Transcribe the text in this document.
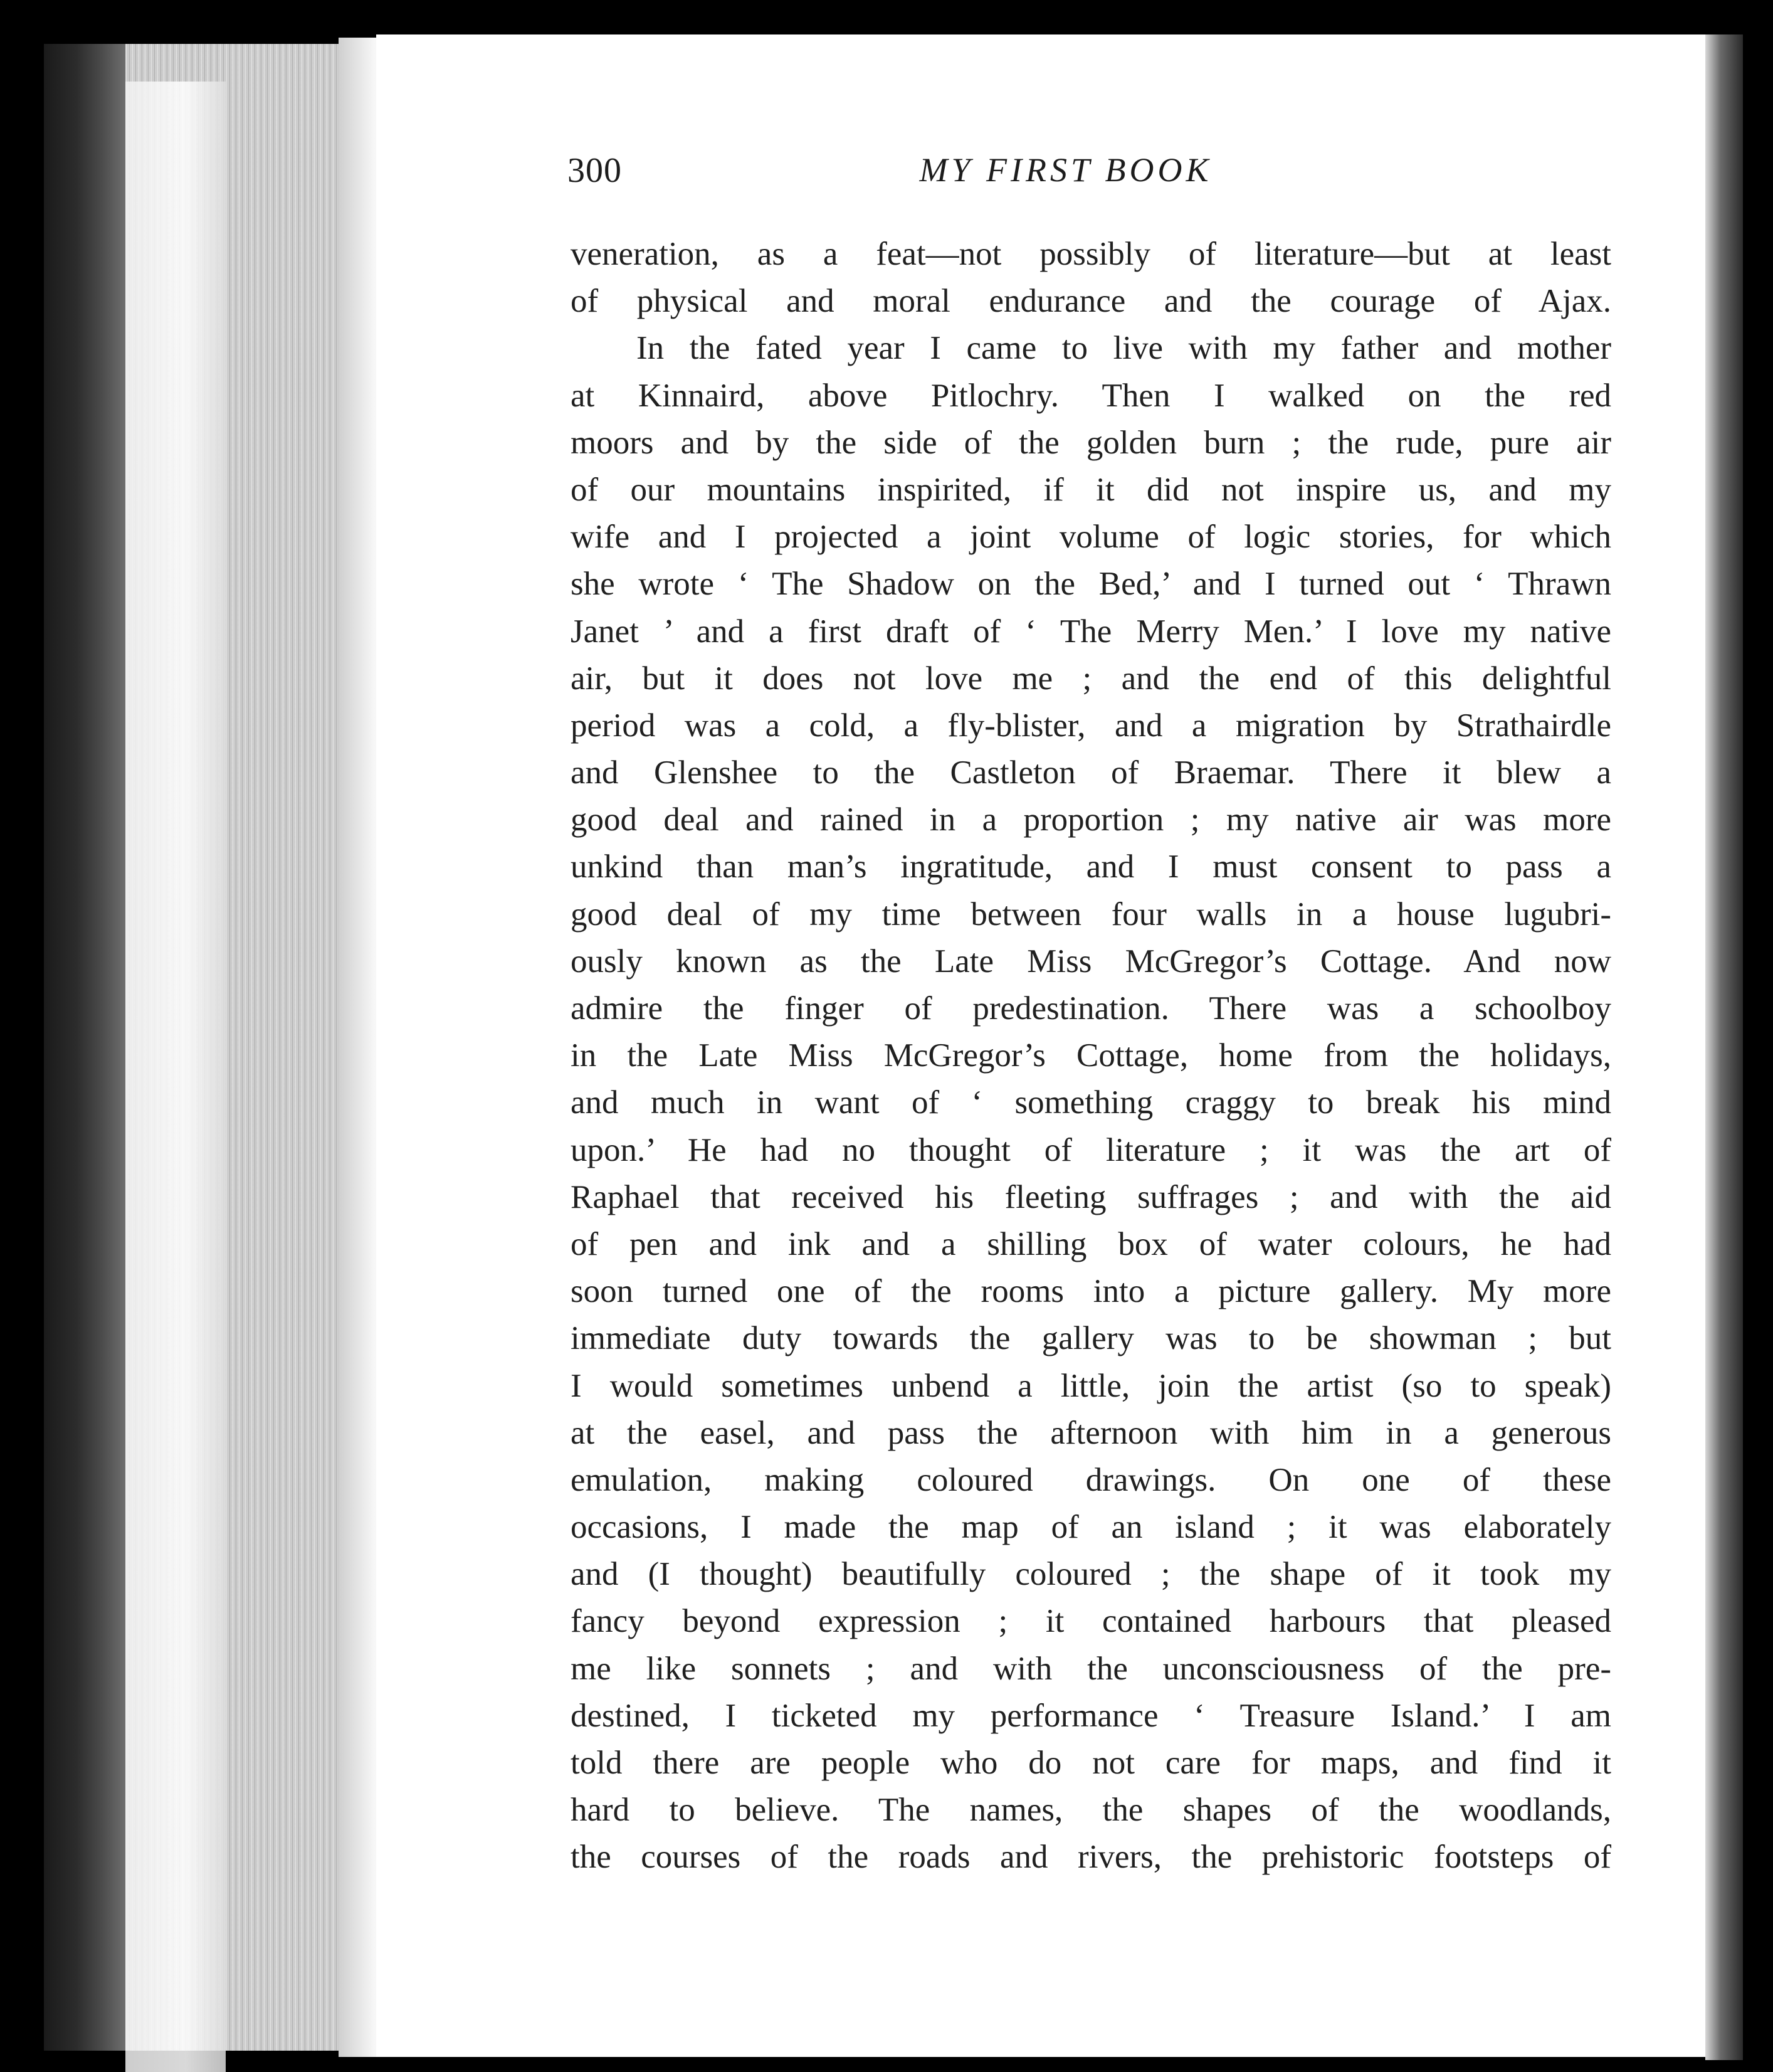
300	MY FIRST BOOK
veneration, as a feat—not possibly of literature—but at least
of physical and moral endurance and the courage of Ajax.
In the fated year I came to live with my father and mother
at Kinnaird, above Pitlochry. Then I walked on the red
moors and by the side of the golden burn ; the rude, pure air
of our mountains inspirited, if it did not inspire us, and my
wife and I projected a joint volume of logic stories, for which
she wrote ‘ The Shadow on the Bed,’ and I turned out ‘ Thrawn
Janet ’ and a first draft of ‘ The Merry Men.’ I love my native
air, but it does not love me ; and the end of this delightful
period was a cold, a fly-blister, and a migration by Strathairdle
and Glenshee to the Castleton of Braemar. There it blew a
good deal and rained in a proportion ; my native air was more
unkind than man’s ingratitude, and I must consent to pass a
good deal of my time between four walls in a house lugubri-
ously known as the Late Miss McGregor’s Cottage. And now
admire the finger of predestination. There was a schoolboy
in the Late Miss McGregor’s Cottage, home from the holidays,
and much in want of ‘ something craggy to break his mind
upon.’ He had no thought of literature ; it was the art of
Raphael that received his fleeting suffrages ; and with the aid
of pen and ink and a shilling box of water colours, he had
soon turned one of the rooms into a picture gallery. My more
immediate duty towards the gallery was to be showman ; but
I would sometimes unbend a little, join the artist (so to speak)
at the easel, and pass the afternoon with him in a generous
emulation, making coloured drawings. On one of these
occasions, I made the map of an island ; it was elaborately
and (I thought) beautifully coloured ; the shape of it took my
fancy beyond expression ; it contained harbours that pleased
me like sonnets ; and with the unconsciousness of the pre-
destined, I ticketed my performance ‘ Treasure Island.’ I am
told there are people who do not care for maps, and find it
hard to believe. The names, the shapes of the woodlands,
the courses of the roads and rivers, the prehistoric footsteps of
